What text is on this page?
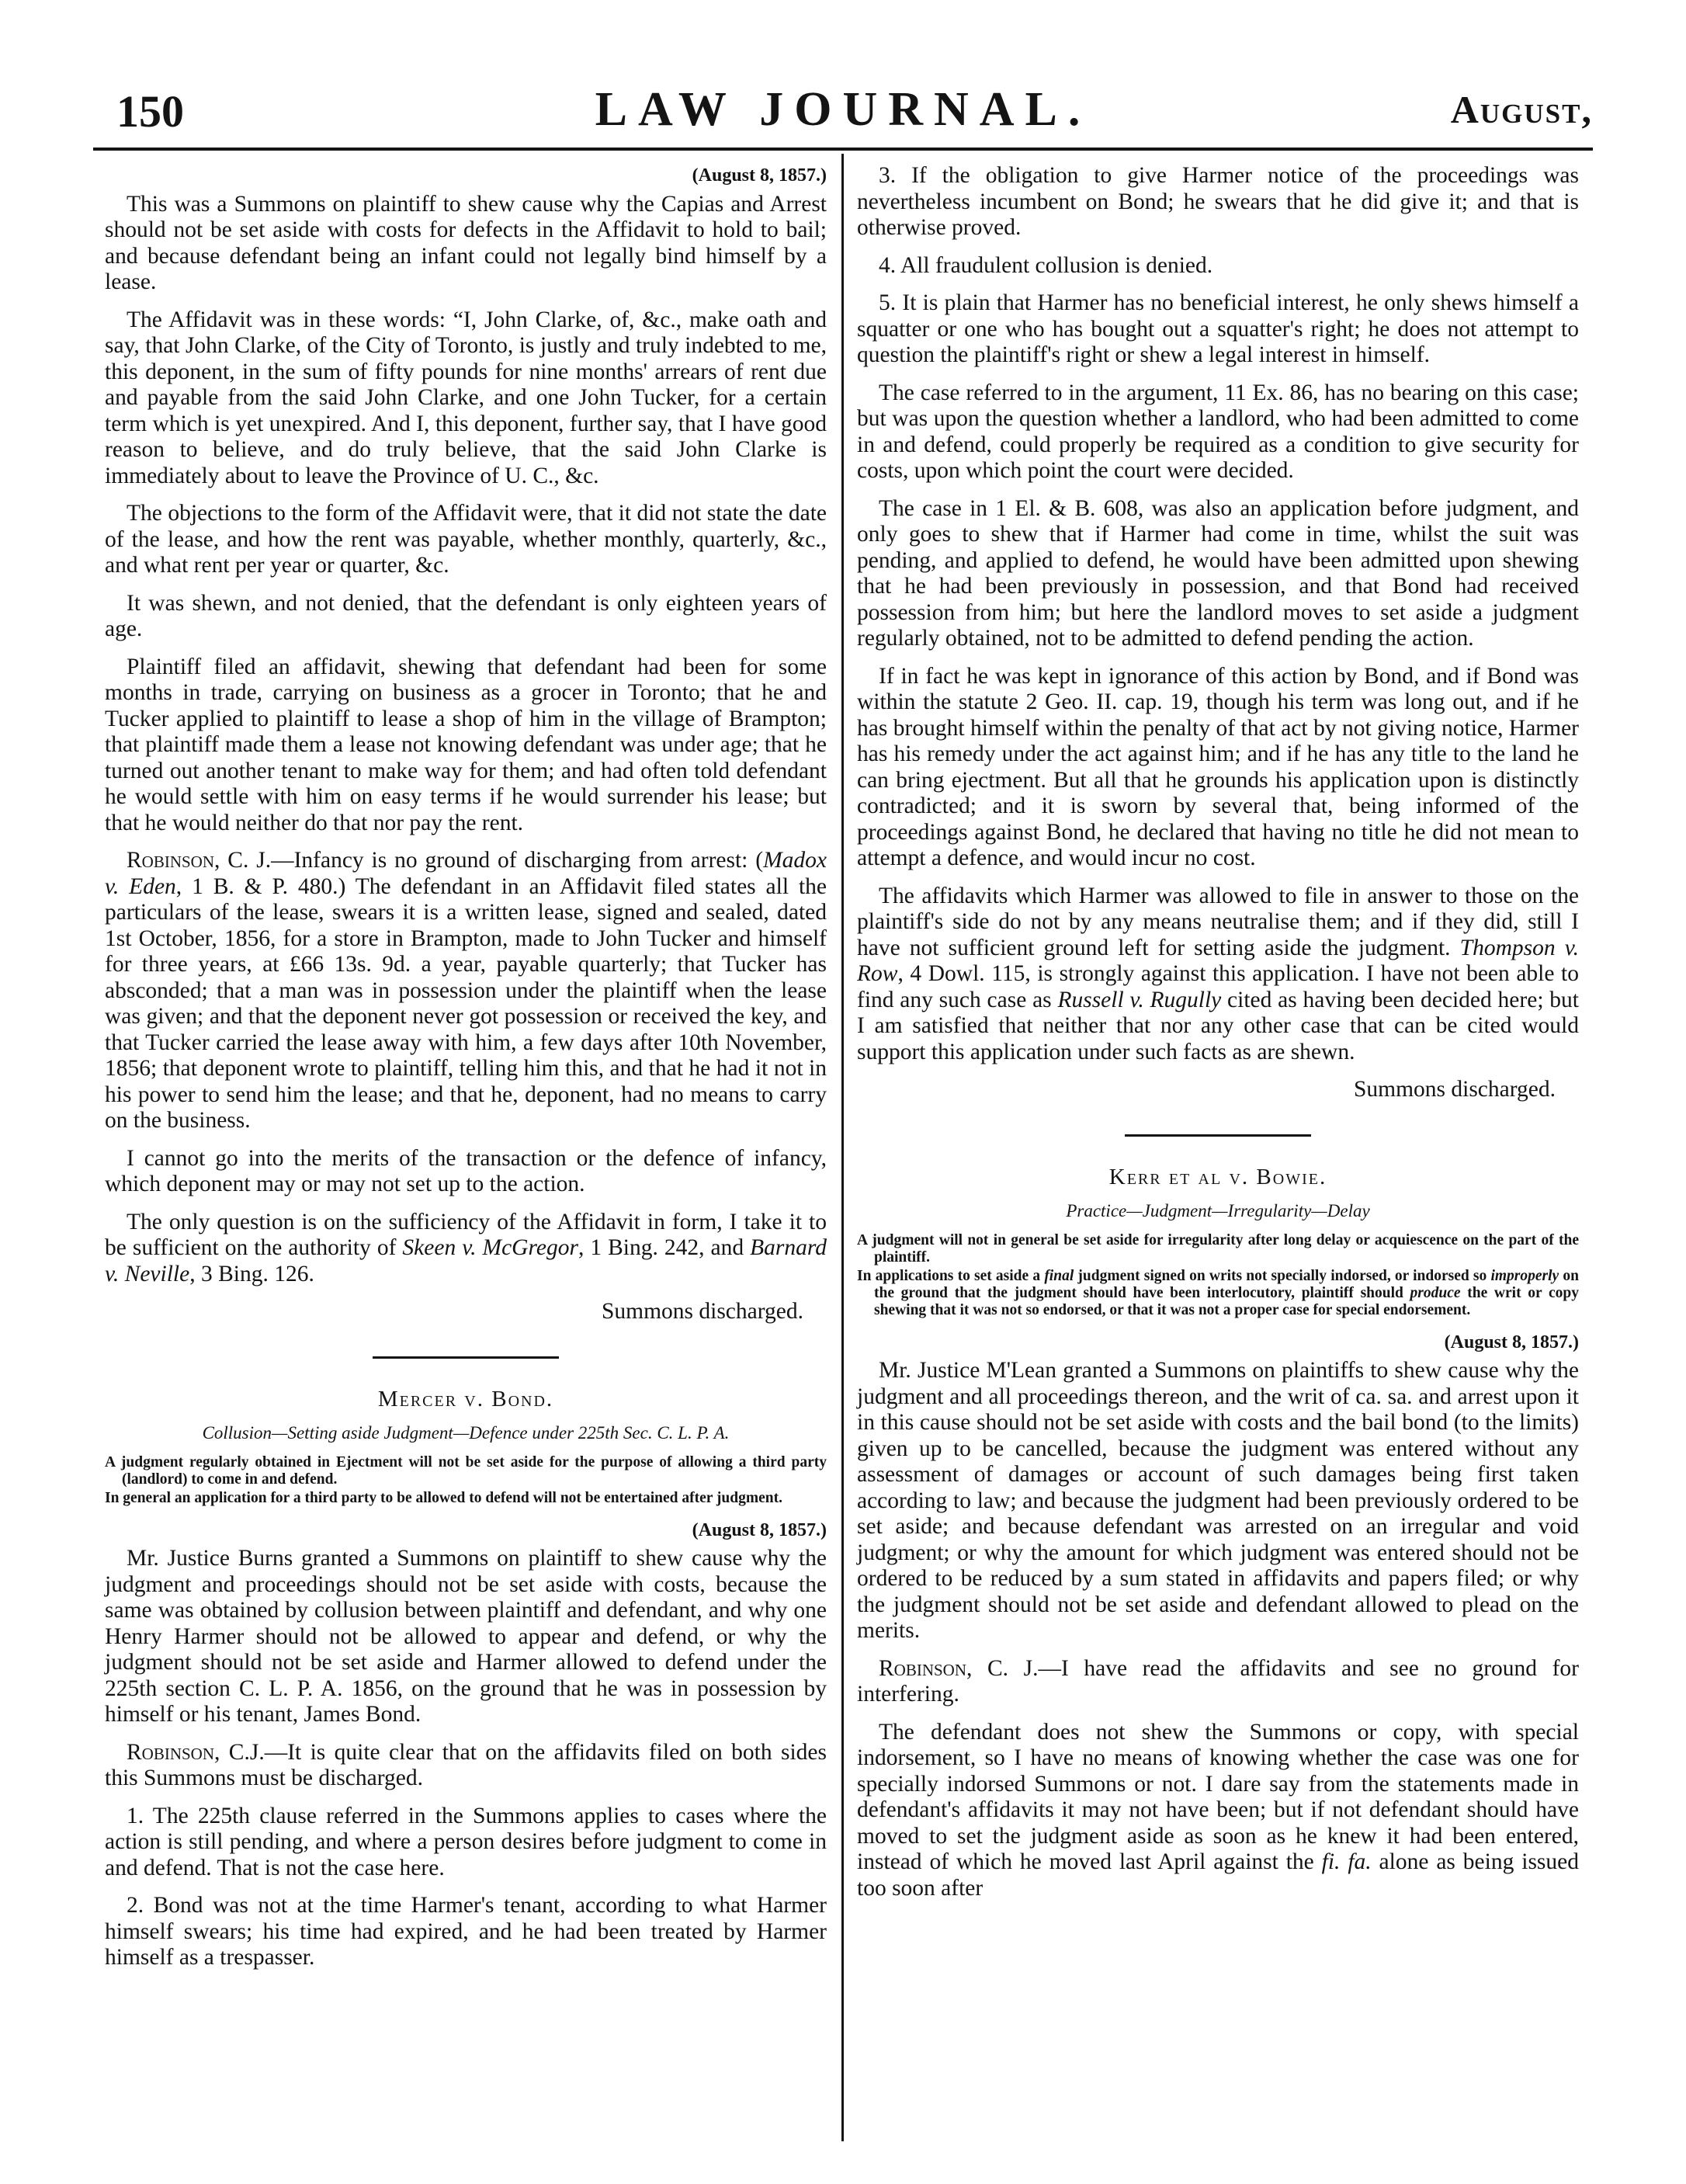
150	LAW JOURNAL.	August,

(August 8, 1857.)

This was a Summons on plaintiff to shew cause why the Capias and Arrest should not be set aside with costs for defects in the Affidavit to hold to bail; and because defendant being an infant could not legally bind himself by a lease.

The Affidavit was in these words: “I, John Clarke, of, &c., make oath and say, that John Clarke, of the City of Toronto, is justly and truly indebted to me, this deponent, in the sum of fifty pounds for nine months' arrears of rent due and payable from the said John Clarke, and one John Tucker, for a certain term which is yet unexpired. And I, this deponent, further say, that I have good reason to believe, and do truly believe, that the said John Clarke is immediately about to leave the Province of U. C., &c.

The objections to the form of the Affidavit were, that it did not state the date of the lease, and how the rent was payable, whether monthly, quarterly, &c., and what rent per year or quarter, &c.

It was shewn, and not denied, that the defendant is only eighteen years of age.

Plaintiff filed an affidavit, shewing that defendant had been for some months in trade, carrying on business as a grocer in Toronto; that he and Tucker applied to plaintiff to lease a shop of him in the village of Brampton; that plaintiff made them a lease not knowing defendant was under age; that he turned out another tenant to make way for them; and had often told defendant he would settle with him on easy terms if he would surrender his lease; but that he would neither do that nor pay the rent.

Robinson, C. J.—Infancy is no ground of discharging from arrest: (Madox v. Eden, 1 B. & P. 480.) The defendant in an Affidavit filed states all the particulars of the lease, swears it is a written lease, signed and sealed, dated 1st October, 1856, for a store in Brampton, made to John Tucker and himself for three years, at £66 13s. 9d. a year, payable quarterly; that Tucker has absconded; that a man was in possession under the plaintiff when the lease was given; and that the deponent never got possession or received the key, and that Tucker carried the lease away with him, a few days after 10th November, 1856; that deponent wrote to plaintiff, telling him this, and that he had it not in his power to send him the lease; and that he, deponent, had no means to carry on the business.

I cannot go into the merits of the transaction or the defence of infancy, which deponent may or may not set up to the action.

The only question is on the sufficiency of the Affidavit in form, I take it to be sufficient on the authority of Skeen v. McGregor, 1 Bing. 242, and Barnard v. Neville, 3 Bing. 126.

Summons discharged.

Mercer v. Bond.

Collusion—Setting aside Judgment—Defence under 225th Sec. C. L. P. A.

A judgment regularly obtained in Ejectment will not be set aside for the purpose of allowing a third party (landlord) to come in and defend.

In general an application for a third party to be allowed to defend will not be entertained after judgment.

(August 8, 1857.)

Mr. Justice Burns granted a Summons on plaintiff to shew cause why the judgment and proceedings should not be set aside with costs, because the same was obtained by collusion between plaintiff and defendant, and why one Henry Harmer should not be allowed to appear and defend, or why the judgment should not be set aside and Harmer allowed to defend under the 225th section C. L. P. A. 1856, on the ground that he was in possession by himself or his tenant, James Bond.

Robinson, C.J.—It is quite clear that on the affidavits filed on both sides this Summons must be discharged.

1. The 225th clause referred in the Summons applies to cases where the action is still pending, and where a person desires before judgment to come in and defend. That is not the case here.

2. Bond was not at the time Harmer's tenant, according to what Harmer himself swears; his time had expired, and he had been treated by Harmer himself as a trespasser.

3. If the obligation to give Harmer notice of the proceedings was nevertheless incumbent on Bond; he swears that he did give it; and that is otherwise proved.

4. All fraudulent collusion is denied.

5. It is plain that Harmer has no beneficial interest, he only shews himself a squatter or one who has bought out a squatter's right; he does not attempt to question the plaintiff's right or shew a legal interest in himself.

The case referred to in the argument, 11 Ex. 86, has no bearing on this case; but was upon the question whether a landlord, who had been admitted to come in and defend, could properly be required as a condition to give security for costs, upon which point the court were decided.

The case in 1 El. & B. 608, was also an application before judgment, and only goes to shew that if Harmer had come in time, whilst the suit was pending, and applied to defend, he would have been admitted upon shewing that he had been previously in possession, and that Bond had received possession from him; but here the landlord moves to set aside a judgment regularly obtained, not to be admitted to defend pending the action.

If in fact he was kept in ignorance of this action by Bond, and if Bond was within the statute 2 Geo. II. cap. 19, though his term was long out, and if he has brought himself within the penalty of that act by not giving notice, Harmer has his remedy under the act against him; and if he has any title to the land he can bring ejectment. But all that he grounds his application upon is distinctly contradicted; and it is sworn by several that, being informed of the proceedings against Bond, he declared that having no title he did not mean to attempt a defence, and would incur no cost.

The affidavits which Harmer was allowed to file in answer to those on the plaintiff's side do not by any means neutralise them; and if they did, still I have not sufficient ground left for setting aside the judgment. Thompson v. Row, 4 Dowl. 115, is strongly against this application. I have not been able to find any such case as Russell v. Rugully cited as having been decided here; but I am satisfied that neither that nor any other case that can be cited would support this application under such facts as are shewn.

Summons discharged.

Kerr et al v. Bowie.

Practice—Judgment—Irregularity—Delay

A judgment will not in general be set aside for irregularity after long delay or acquiescence on the part of the plaintiff.

In applications to set aside a final judgment signed on writs not specially indorsed, or indorsed so improperly on the ground that the judgment should have been interlocutory, plaintiff should produce the writ or copy shewing that it was not so endorsed, or that it was not a proper case for special endorsement.

(August 8, 1857.)

Mr. Justice M'Lean granted a Summons on plaintiffs to shew cause why the judgment and all proceedings thereon, and the writ of ca. sa. and arrest upon it in this cause should not be set aside with costs and the bail bond (to the limits) given up to be cancelled, because the judgment was entered without any assessment of damages or account of such damages being first taken according to law; and because the judgment had been previously ordered to be set aside; and because defendant was arrested on an irregular and void judgment; or why the amount for which judgment was entered should not be ordered to be reduced by a sum stated in affidavits and papers filed; or why the judgment should not be set aside and defendant allowed to plead on the merits.

Robinson, C. J.—I have read the affidavits and see no ground for interfering.

The defendant does not shew the Summons or copy, with special indorsement, so I have no means of knowing whether the case was one for specially indorsed Summons or not. I dare say from the statements made in defendant's affidavits it may not have been; but if not defendant should have moved to set the judgment aside as soon as he knew it had been entered, instead of which he moved last April against the fi. fa. alone as being issued too soon after
